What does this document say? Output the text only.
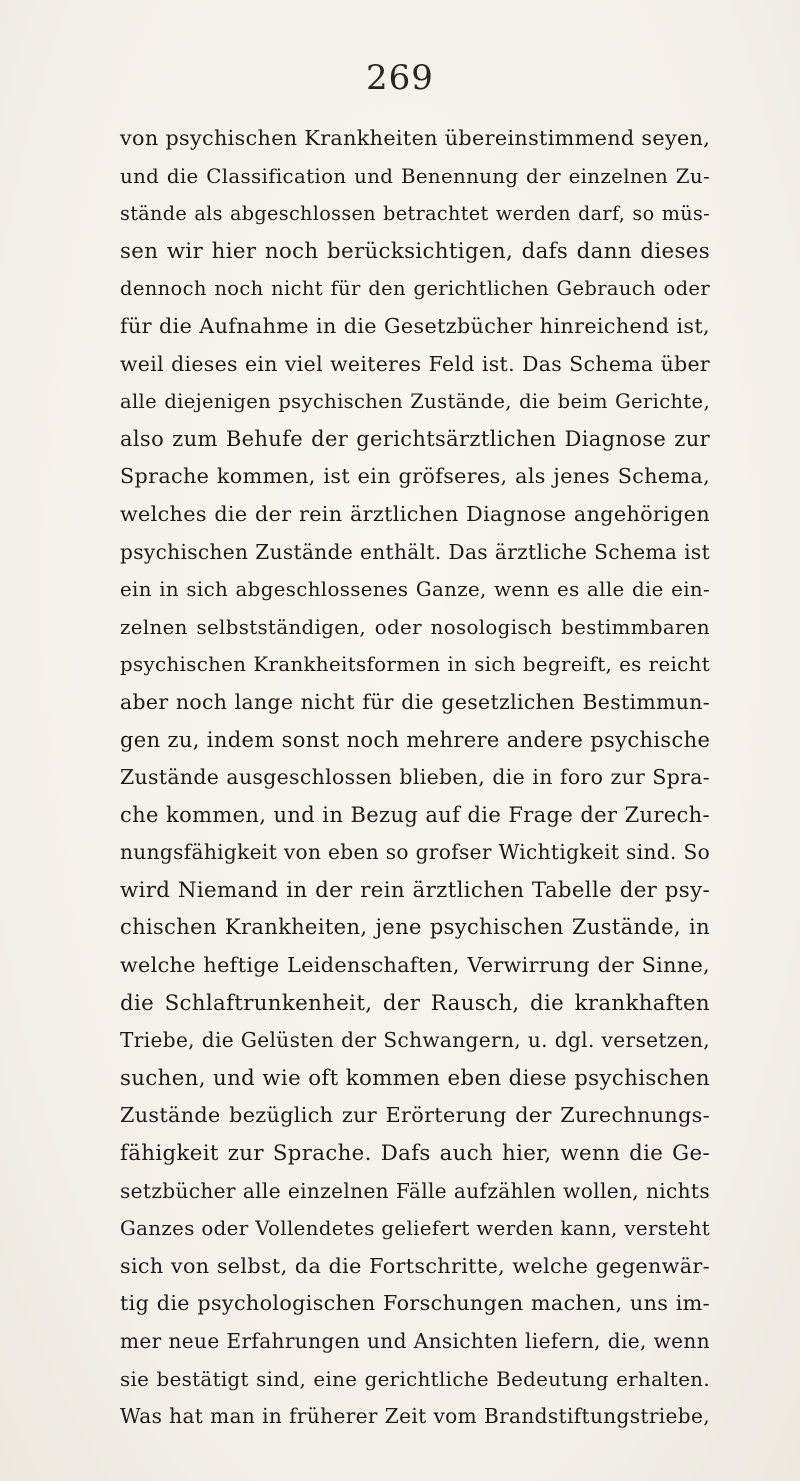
269
von psychischen Krankheiten übereinstimmend seyen,
und die Classification und Benennung der einzelnen Zu-
stände als abgeschlossen betrachtet werden darf, so müs-
sen wir hier noch berücksichtigen, dafs dann dieses
dennoch noch nicht für den gerichtlichen Gebrauch oder
für die Aufnahme in die Gesetzbücher hinreichend ist,
weil dieses ein viel weiteres Feld ist. Das Schema über
alle diejenigen psychischen Zustände, die beim Gerichte,
also zum Behufe der gerichtsärztlichen Diagnose zur
Sprache kommen, ist ein gröfseres, als jenes Schema,
welches die der rein ärztlichen Diagnose angehörigen
psychischen Zustände enthält. Das ärztliche Schema ist
ein in sich abgeschlossenes Ganze, wenn es alle die ein-
zelnen selbstständigen, oder nosologisch bestimmbaren
psychischen Krankheitsformen in sich begreift, es reicht
aber noch lange nicht für die gesetzlichen Bestimmun-
gen zu, indem sonst noch mehrere andere psychische
Zustände ausgeschlossen blieben, die in foro zur Spra-
che kommen, und in Bezug auf die Frage der Zurech-
nungsfähigkeit von eben so grofser Wichtigkeit sind. So
wird Niemand in der rein ärztlichen Tabelle der psy-
chischen Krankheiten, jene psychischen Zustände, in
welche heftige Leidenschaften, Verwirrung der Sinne,
die Schlaftrunkenheit, der Rausch, die krankhaften
Triebe, die Gelüsten der Schwangern, u. dgl. versetzen,
suchen, und wie oft kommen eben diese psychischen
Zustände bezüglich zur Erörterung der Zurechnungs-
fähigkeit zur Sprache. Dafs auch hier, wenn die Ge-
setzbücher alle einzelnen Fälle aufzählen wollen, nichts
Ganzes oder Vollendetes geliefert werden kann, versteht
sich von selbst, da die Fortschritte, welche gegenwär-
tig die psychologischen Forschungen machen, uns im-
mer neue Erfahrungen und Ansichten liefern, die, wenn
sie bestätigt sind, eine gerichtliche Bedeutung erhalten.
Was hat man in früherer Zeit vom Brandstiftungstriebe,
